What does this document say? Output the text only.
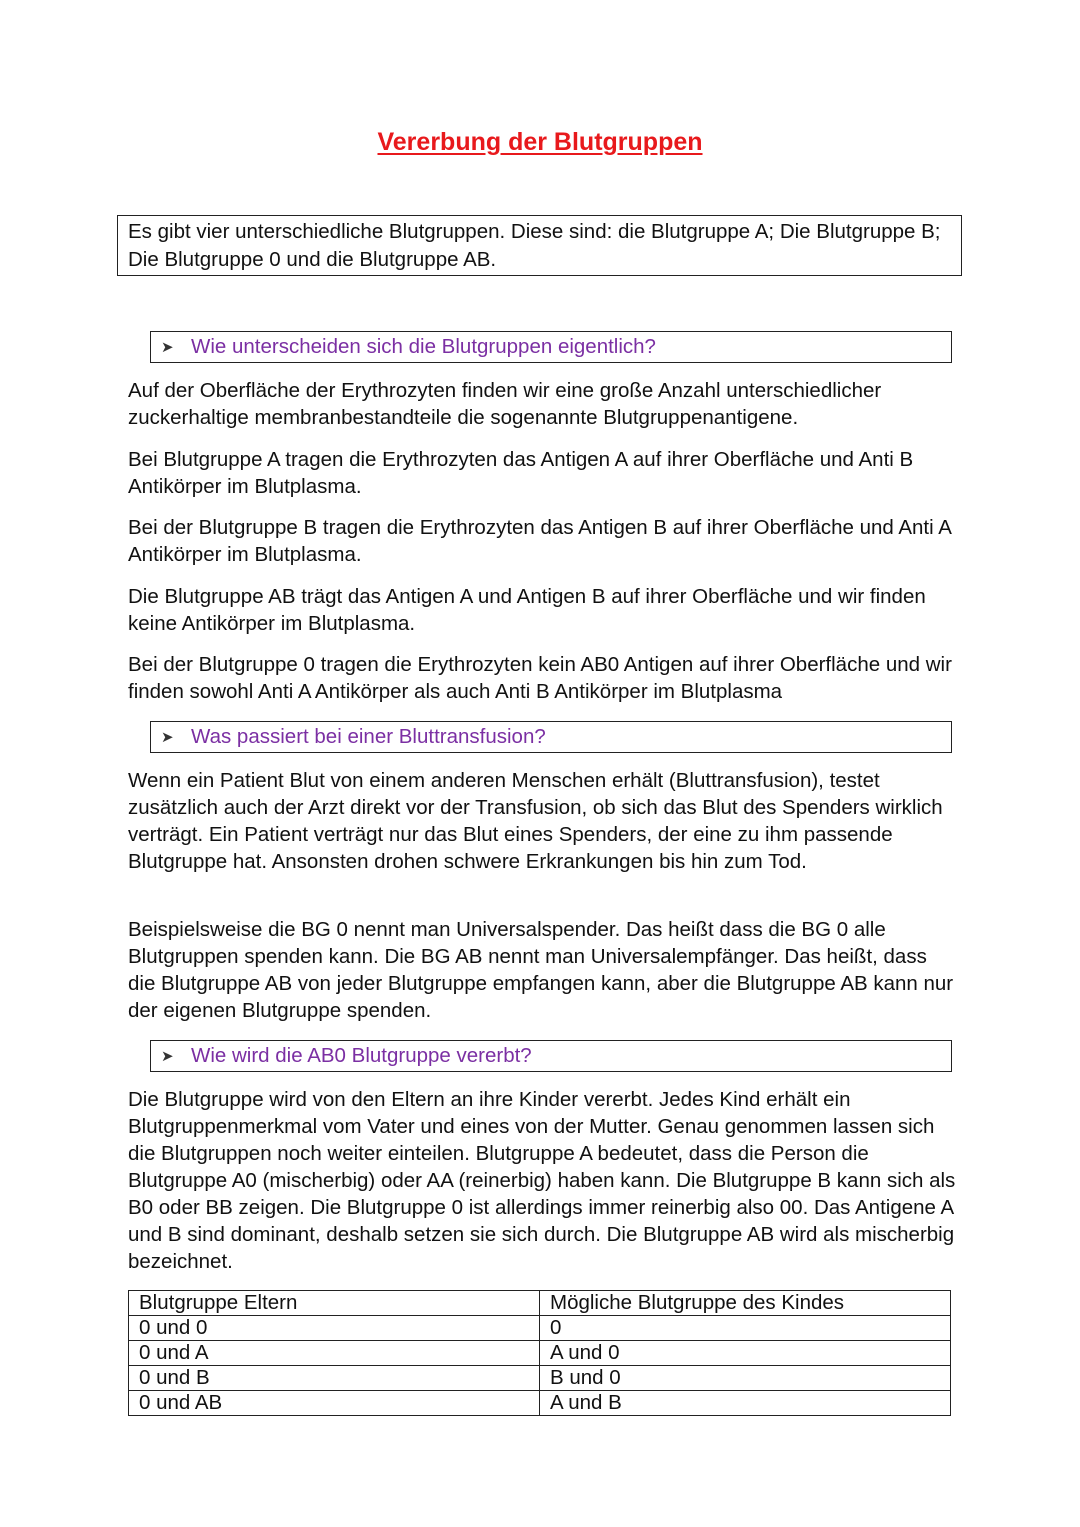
Vererbung der Blutgruppen
Es gibt vier unterschiedliche Blutgruppen. Diese sind: die Blutgruppe A; Die Blutgruppe B; Die Blutgruppe 0 und die Blutgruppe AB.
➤ Wie unterscheiden sich die Blutgruppen eigentlich?

Auf der Oberfläche der Erythrozyten finden wir eine große Anzahl unterschiedlicher zuckerhaltige membranbestandteile die sogenannte Blutgruppenantigene.

Bei Blutgruppe A tragen die Erythrozyten das Antigen A auf ihrer Oberfläche und Anti B Antikörper im Blutplasma.

Bei der Blutgruppe B tragen die Erythrozyten das Antigen B auf ihrer Oberfläche und Anti A Antikörper im Blutplasma.

Die Blutgruppe AB trägt das Antigen A und Antigen B auf ihrer Oberfläche und wir finden keine Antikörper im Blutplasma.

Bei der Blutgruppe 0 tragen die Erythrozyten kein AB0 Antigen auf ihrer Oberfläche und wir finden sowohl Anti A Antikörper als auch Anti B Antikörper im Blutplasma

➤ Was passiert bei einer Bluttransfusion?

Wenn ein Patient Blut von einem anderen Menschen erhält (Bluttransfusion), testet zusätzlich auch der Arzt direkt vor der Transfusion, ob sich das Blut des Spenders wirklich verträgt. Ein Patient verträgt nur das Blut eines Spenders, der eine zu ihm passende Blutgruppe hat. Ansonsten drohen schwere Erkrankungen bis hin zum Tod.

Beispielsweise die BG 0 nennt man Universalspender. Das heißt dass die BG 0 alle Blutgruppen spenden kann. Die BG AB nennt man Universalempfänger. Das heißt, dass die Blutgruppe AB von jeder Blutgruppe empfangen kann, aber die Blutgruppe AB kann nur der eigenen Blutgruppe spenden.

➤ Wie wird die AB0 Blutgruppe vererbt?

Die Blutgruppe wird von den Eltern an ihre Kinder vererbt. Jedes Kind erhält ein Blutgruppenmerkmal vom Vater und eines von der Mutter. Genau genommen lassen sich die Blutgruppen noch weiter einteilen. Blutgruppe A bedeutet, dass die Person die Blutgruppe A0 (mischerbig) oder AA (reinerbig) haben kann. Die Blutgruppe B kann sich als B0 oder BB zeigen. Die Blutgruppe 0 ist allerdings immer reinerbig also 00. Das Antigene A und B sind dominant, deshalb setzen sie sich durch. Die Blutgruppe AB wird als mischerbig bezeichnet.

Blutgruppe Eltern	Mögliche Blutgruppe des Kindes
0 und 0	0
0 und A	A und 0
0 und B	B und 0
0 und AB	A und B
